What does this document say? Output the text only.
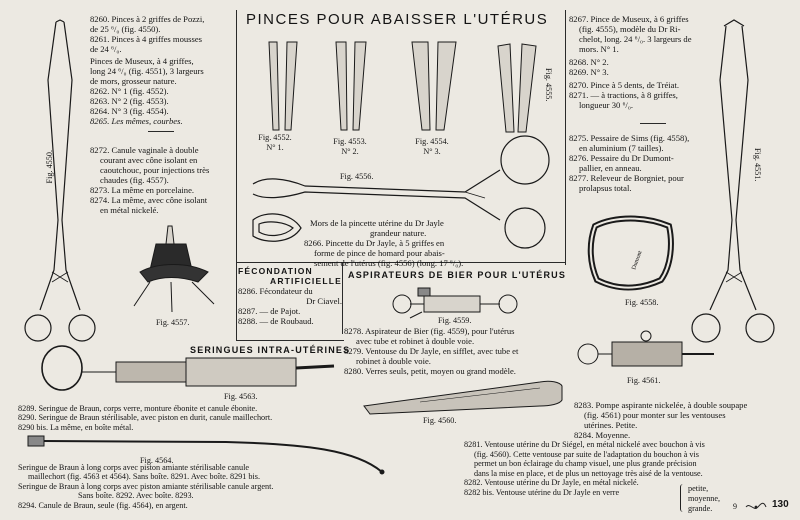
PINCES POUR ABAISSER L'UTÉRUS

8260. Pinces à 2 griffes de Pozzi,

de 25 ⁶/₀ (fig. 4550).

8261. Pinces à 4 griffes mousses

de 24 ⁶/₀.

Pinces de Museux, à 4 griffes,

long 24 ⁶/₀ (fig. 4551), 3 largeurs

de mors, grosseur nature.

8262. N° 1 (fig. 4552).

8263. N° 2 (fig. 4553).

8264. N° 3 (fig. 4554).

8265. Les mêmes, courbes.

8272. Canule vaginale à double

courant avec cône isolant en

caoutchouc, pour injections très

chaudes (fig. 4557).

8273. La même en porcelaine.

8274. La même, avec cône isolant

en métal nickelé.

8267. Pince de Museux, à 6 griffes

(fig. 4555), modèle du Dr Ri-

chelot, long. 24 ⁶/₀. 3 largeurs de

mors. N° 1.

8268. N° 2.

8269. N° 3.

8270. Pince à 5 dents, de Tréiat.

8271. — à tractions, à 8 griffes,

longueur 30 ⁶/₀.

8275. Pessaire de Sims (fig. 4558),

en aluminium (7 tailles).

8276. Pessaire du Dr Dumont-

pallier, en anneau.

8277. Releveur de Borgniet, pour

prolapsus total.

Fig. 4550.	Fig. 4551.
Fig. 4552.
N° 1.
Fig. 4553.
N° 2.
Fig. 4554.
N° 3.
Fig. 4555.
Fig. 4556.
Fig. 4557.
Fig. 4558.
Fig. 4559.
Fig. 4560.
Fig. 4561.
Fig. 4563.
Fig. 4564.

Mors de la pincette utérine du Dr Jayle

grandeur nature.

8266. Pincette du Dr Jayle, à 5 griffes en

forme de pince de homard pour abais-

sement de l'utérus (fig. 4556) (long. 17 ⁶/₀).

FÉCONDATION
ARTIFICIELLE

8286. Fécondateur du

Dr Ciavel.

8287. — de Pajot.

8288. — de Roubaud.

ASPIRATEURS DE BIER POUR L'UTÉRUS

8278. Aspirateur de Bier (fig. 4559), pour l'utérus

avec tube et robinet à double voie.

8279. Ventouse du Dr Jayle, en sifflet, avec tube et

robinet à double voie.

8280. Verres seuls, petit, moyen ou grand modèle.

SERINGUES INTRA-UTÉRINES

8289. Seringue de Braun, corps verre, monture ébonite et canule ébonite.

8290. Seringue de Braun stérilisable, avec piston en durit, canule maillechort.

8290 bis. La même, en boîte métal.

Seringue de Braun à long corps avec piston amiante stérilisable canule

maillechort (fig. 4563 et 4564). Sans boîte. 8291. Avec boîte. 8291 bis.

Seringue de Braun à long corps avec piston amiante stérilisable canule argent.

Sans boîte. 8292. Avec boîte. 8293.

8294. Canule de Braun, seule (fig. 4564), en argent.

8283. Pompe aspirante nickelée, à double soupape

(fig. 4561) pour monter sur les ventouses

utérines. Petite.

8284. Moyenne.

8281. Ventouse utérine du Dr Siégel, en métal nickelé avec bouchon à vis

(fig. 4560). Cette ventouse par suite de l'adaptation du bouchon à vis

permet un bon éclairage du champ visuel, une plus grande précision

dans la mise en place, et de plus un nettoyage très aisé de la ventouse.

8282. Ventouse utérine du Dr Jayle, en métal nickelé.

8282 bis. Ventouse utérine du Dr Jayle en verre	petite,

moyenne,

grande.	9	130
Dumont
